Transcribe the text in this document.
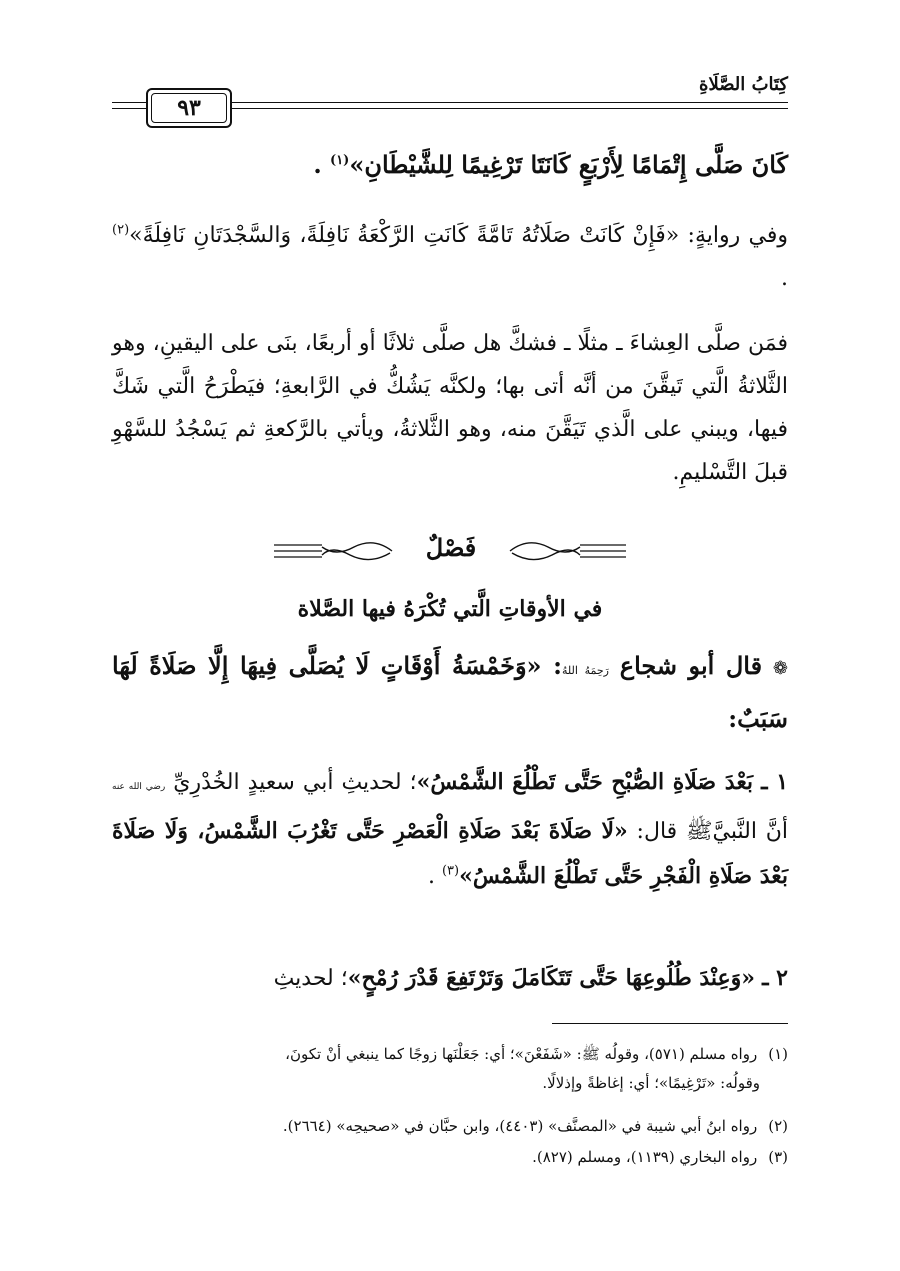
كِتَابُ الصَّلَاةِ
٩٣
كَانَ صَلَّى إِتْمَامًا لِأَرْبَعٍ كَانَتَا تَرْغِيمًا لِلشَّيْطَانِ»$^{(١)}$ .
وفي روايةٍ: «فَإِنْ كَانَتْ صَلَاتُهُ تَامَّةً كَانَتِ الرَّكْعَةُ نَافِلَةً، وَالسَّجْدَتَانِ نَافِلَةً»$^{(٢)}$ .
فمَن صلَّى العِشاءَ ـ مثلًا ـ فشكَّ هل صلَّى ثلاثًا أو أربعًا، بنَى على اليقينِ، وهو الثَّلاثةُ الَّتي تَيقَّنَ من أنَّه أتى بها؛ ولكنَّه يَشُكُّ في الرَّابعةِ؛ فيَطْرَحُ الَّتي شَكَّ فيها، ويبني على الَّذي تَيَقَّنَ منه، وهو الثَّلاثةُ، ويأتي بالرَّكعةِ ثم يَسْجُدُ للسَّهْوِ قبلَ التَّسْليمِ.
فَصْلٌ
في الأوقاتِ الَّتي تُكْرَهُ فيها الصَّلاة
❁ قال أبو شجاع رَحِمَهُ اللهُ: «وَخَمْسَةُ أَوْقَاتٍ لَا يُصَلَّى فِيهَا إِلَّا صَلَاةً لَهَا سَبَبٌ:
١ ـ بَعْدَ صَلَاةِ الصُّبْحِ حَتَّى تَطْلُعَ الشَّمْسُ»؛ لحديثِ أبي سعيدٍ الخُدْرِيِّ رضي الله عنه أنَّ النَّبيَّﷺ قال: «لَا صَلَاةَ بَعْدَ صَلَاةِ الْعَصْرِ حَتَّى تَغْرُبَ الشَّمْسُ، وَلَا صَلَاةَ بَعْدَ صَلَاةِ الْفَجْرِ حَتَّى تَطْلُعَ الشَّمْسُ»$^{(٣)}$ .
٢ ـ «وَعِنْدَ طُلُوعِهَا حَتَّى تَتَكَامَلَ وَتَرْتَفِعَ قَدْرَ رُمْحٍ»؛ لحديثِ
(١) رواه مسلم (٥٧١)، وقولُه ﷺ: «شَفَعْنَ»؛ أي: جَعَلْنَها زوجًا كما ينبغي أنْ تكونَ،
وقولُه: «تَرْغِيمًا»؛ أي: إغاظةً وإذلالًا.
(٢) رواه ابنُ أبي شيبة في «المصنَّف» (٤٤٠٣)، وابن حبَّان في «صحيحِه» (٢٦٦٤).
(٣) رواه البخاري (١١٣٩)، ومسلم (٨٢٧).
